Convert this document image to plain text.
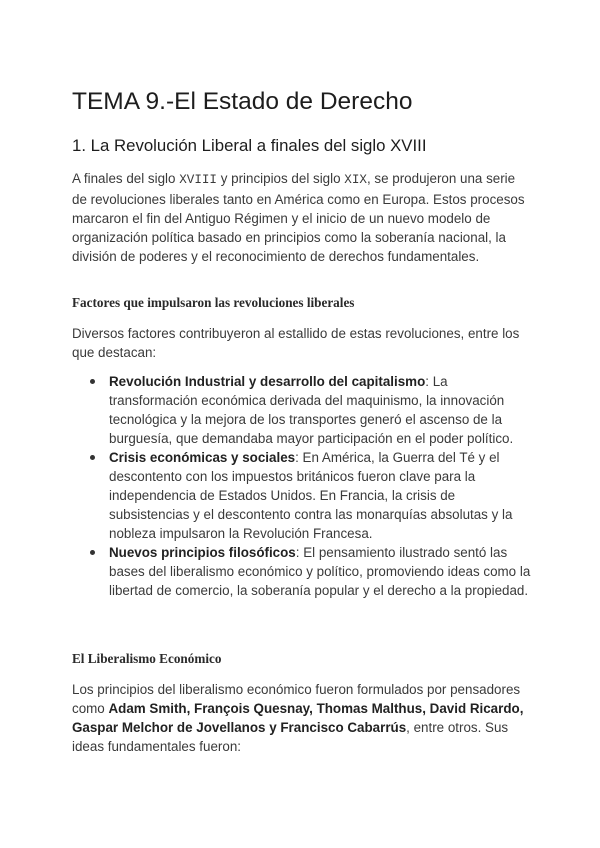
TEMA 9.-El Estado de Derecho
1. La Revolución Liberal a finales del siglo XVIII

A finales del siglo XVIII y principios del siglo XIX, se produjeron una serie de revoluciones liberales tanto en América como en Europa. Estos procesos marcaron el fin del Antiguo Régimen y el inicio de un nuevo modelo de organización política basado en principios como la soberanía nacional, la división de poderes y el reconocimiento de derechos fundamentales.

Factores que impulsaron las revoluciones liberales

Diversos factores contribuyeron al estallido de estas revoluciones, entre los que destacan:

Revolución Industrial y desarrollo del capitalismo: La transformación económica derivada del maquinismo, la innovación tecnológica y la mejora de los transportes generó el ascenso de la burguesía, que demandaba mayor participación en el poder político.
Crisis económicas y sociales: En América, la Guerra del Té y el descontento con los impuestos británicos fueron clave para la independencia de Estados Unidos. En Francia, la crisis de subsistencias y el descontento contra las monarquías absolutas y la nobleza impulsaron la Revolución Francesa.
Nuevos principios filosóficos: El pensamiento ilustrado sentó las bases del liberalismo económico y político, promoviendo ideas como la libertad de comercio, la soberanía popular y el derecho a la propiedad.
El Liberalismo Económico

Los principios del liberalismo económico fueron formulados por pensadores como Adam Smith, François Quesnay, Thomas Malthus, David Ricardo, Gaspar Melchor de Jovellanos y Francisco Cabarrús, entre otros. Sus ideas fundamentales fueron:
